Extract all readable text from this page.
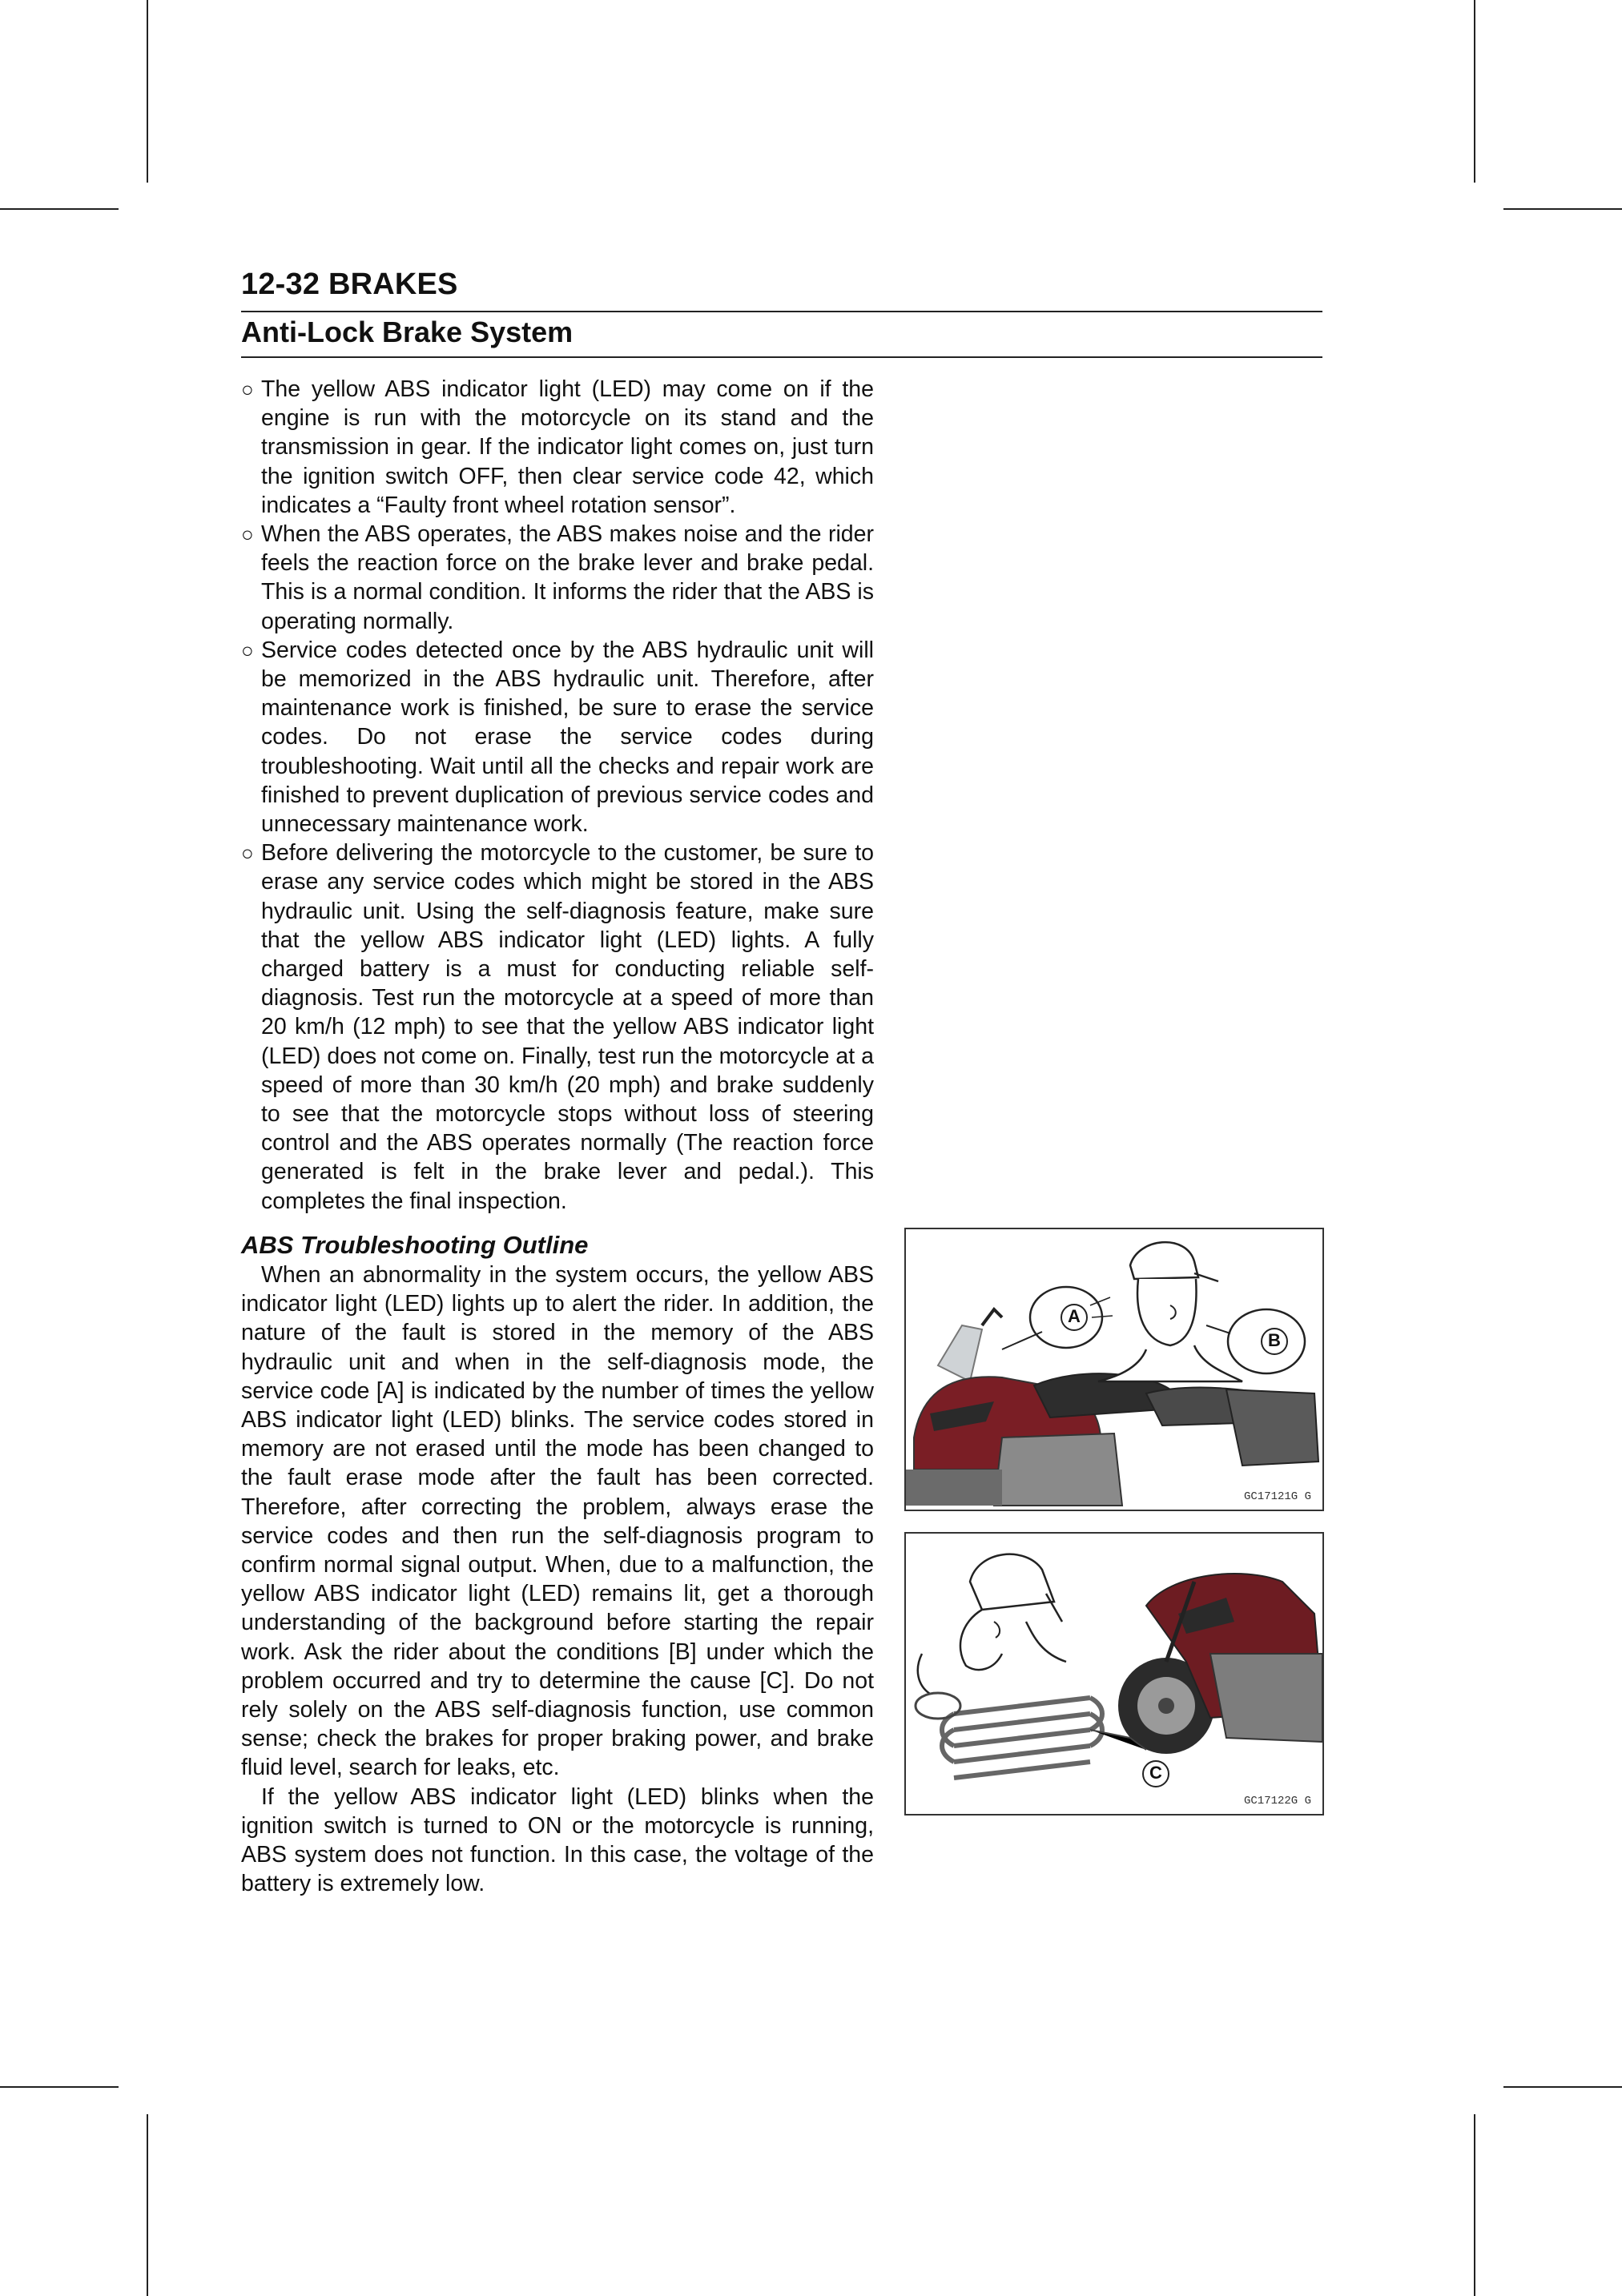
12-32 BRAKES
Anti-Lock Brake System

○ The yellow ABS indicator light (LED) may come on if the engine is run with the motorcycle on its stand and the transmission in gear. If the indicator light comes on, just turn the ignition switch OFF, then clear service code 42, which indicates a “Faulty front wheel rotation sensor”.

○ When the ABS operates, the ABS makes noise and the rider feels the reaction force on the brake lever and brake pedal. This is a normal condition. It informs the rider that the ABS is operating normally.

○ Service codes detected once by the ABS hydraulic unit will be memorized in the ABS hydraulic unit. Therefore, after maintenance work is finished, be sure to erase the service codes. Do not erase the service codes during troubleshooting. Wait until all the checks and repair work are finished to prevent duplication of previous service codes and unnecessary maintenance work.

○ Before delivering the motorcycle to the customer, be sure to erase any service codes which might be stored in the ABS hydraulic unit. Using the self-diagnosis feature, make sure that the yellow ABS indicator light (LED) lights. A fully charged battery is a must for conducting reliable self-diagnosis. Test run the motorcycle at a speed of more than 20 km/h (12 mph) to see that the yellow ABS indicator light (LED) does not come on. Finally, test run the motorcycle at a speed of more than 30 km/h (20 mph) and brake suddenly to see that the motorcycle stops without loss of steering control and the ABS operates normally (The reaction force generated is felt in the brake lever and pedal.). This completes the final inspection.

ABS Troubleshooting Outline

When an abnormality in the system occurs, the yellow ABS indicator light (LED) lights up to alert the rider. In addition, the nature of the fault is stored in the memory of the ABS hydraulic unit and when in the self-diagnosis mode, the service code [A] is indicated by the number of times the yellow ABS indicator light (LED) blinks. The service codes stored in memory are not erased until the mode has been changed to the fault erase mode after the fault has been corrected. Therefore, after correcting the problem, always erase the service codes and then run the self-diagnosis program to confirm normal signal output. When, due to a malfunction, the yellow ABS indicator light (LED) remains lit, get a thorough understanding of the background before starting the repair work. Ask the rider about the conditions [B] under which the problem occurred and try to determine the cause [C]. Do not rely solely on the ABS self-diagnosis function, use common sense; check the brakes for proper braking power, and brake fluid level, search for leaks, etc.

If the yellow ABS indicator light (LED) blinks when the ignition switch is turned to ON or the motorcycle is running, ABS system does not function. In this case, the voltage of the battery is extremely low.

A
B
GC17121G G
C
GC17122G G
